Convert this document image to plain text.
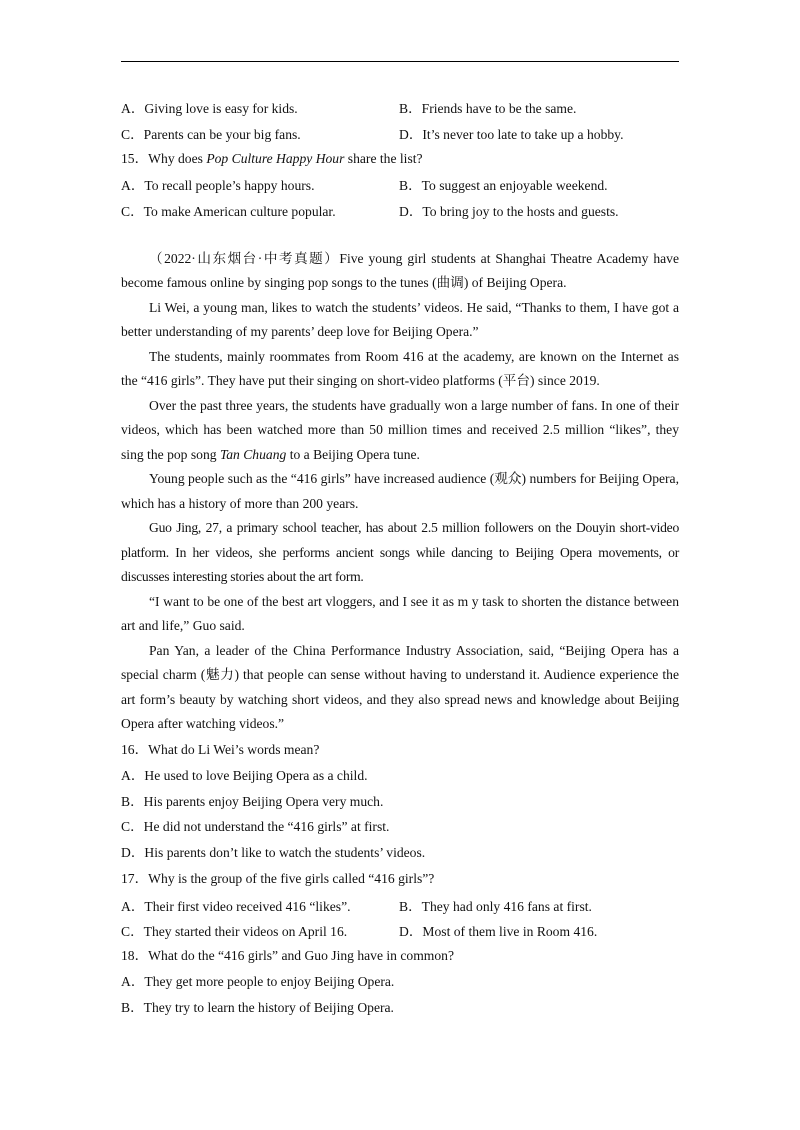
A．Giving love is easy for kids.	B．Friends have to be the same.
C．Parents can be your big fans.	D．It’s never too late to take up a hobby.
15．Why does Pop Culture Happy Hour share the list?
A．To recall people’s happy hours.	B．To suggest an enjoyable weekend.
C．To make American culture popular.	D．To bring joy to the hosts and guests.

（2022·山东烟台·中考真题）Five young girl students at Shanghai Theatre Academy have become famous online by singing pop songs to the tunes (曲调) of Beijing Opera.

Li Wei, a young man, likes to watch the students’ videos. He said, “Thanks to them, I have got a better understanding of my parents’ deep love for Beijing Opera.”

The students, mainly roommates from Room 416 at the academy, are known on the Internet as the “416 girls”. They have put their singing on short-video platforms (平台) since 2019.

Over the past three years, the students have gradually won a large number of fans. In one of their videos, which has been watched more than 50 million times and received 2.5 million “likes”, they sing the pop song Tan Chuang to a Beijing Opera tune.

Young people such as the “416 girls” have increased audience (观众) numbers for Beijing Opera, which has a history of more than 200 years.

Guo Jing, 27, a primary school teacher, has about 2.5 million followers on the Douyin short-video platform. In her videos, she performs ancient songs while dancing to Beijing Opera movements, or discusses interesting stories about the art form.

“I want to be one of the best art vloggers, and I see it as m y task to shorten the distance between art and life,” Guo said.

Pan Yan, a leader of the China Performance Industry Association, said, “Beijing Opera has a special charm (魅力) that people can sense without having to understand it. Audience experience the art form’s beauty by watching short videos, and they also spread news and knowledge about Beijing Opera after watching videos.”

16．What do Li Wei’s words mean?
A．He used to love Beijing Opera as a child.
B．His parents enjoy Beijing Opera very much.
C．He did not understand the “416 girls” at first.
D．His parents don’t like to watch the students’ videos.
17．Why is the group of the five girls called “416 girls”?
A．Their first video received 416 “likes”.	B．They had only 416 fans at first.
C．They started their videos on April 16.	D．Most of them live in Room 416.
18．What do the “416 girls” and Guo Jing have in common?
A．They get more people to enjoy Beijing Opera.
B．They try to learn the history of Beijing Opera.
